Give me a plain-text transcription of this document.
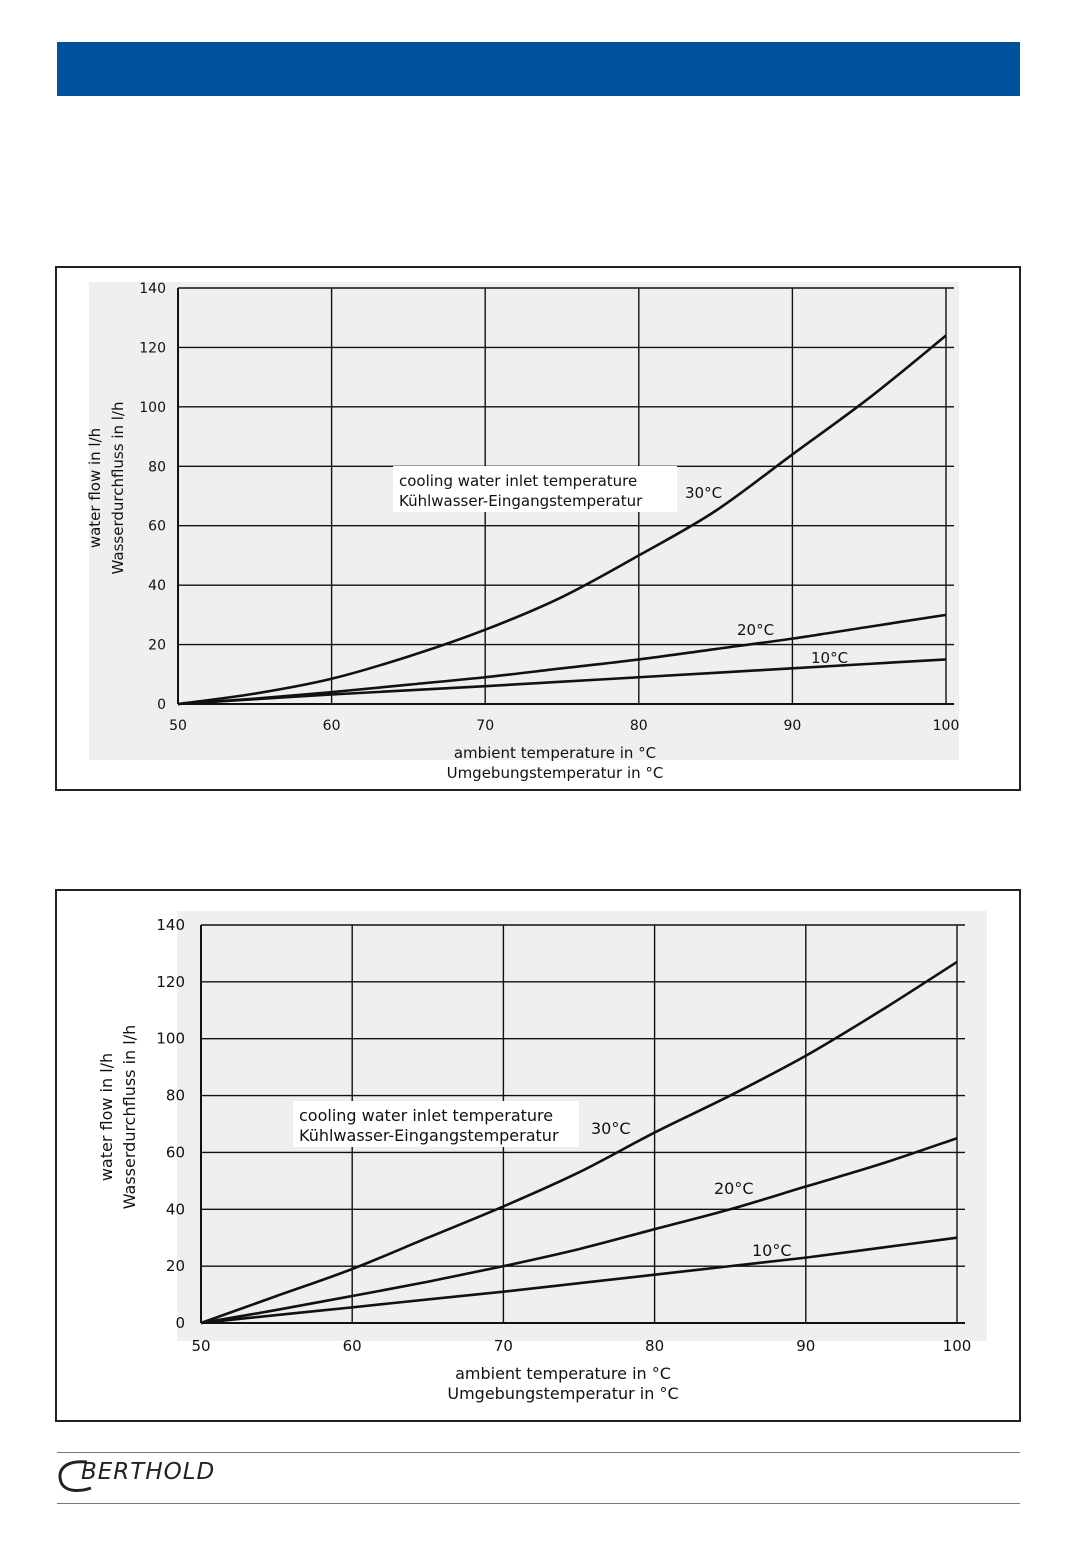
0
20
40
60
80
100
120
140
50	60	70	80	90	100
30°C
20°C
10°C
cooling water inlet temperature
Kühlwasser-Eingangstemperatur
ambient temperature in °C
Umgebungstemperatur in °C
water flow in l/h Wasserdurchfluss in l/h
0
20
40
60
80
100
120
140
50	60	70	80	90	100
30°C
20°C
10°C
cooling water inlet temperature
Kühlwasser-Eingangstemperatur
ambient temperature in °C
Umgebungstemperatur in °C
water flow in l/h Wasserdurchfluss in l/h
BERTHOLD
